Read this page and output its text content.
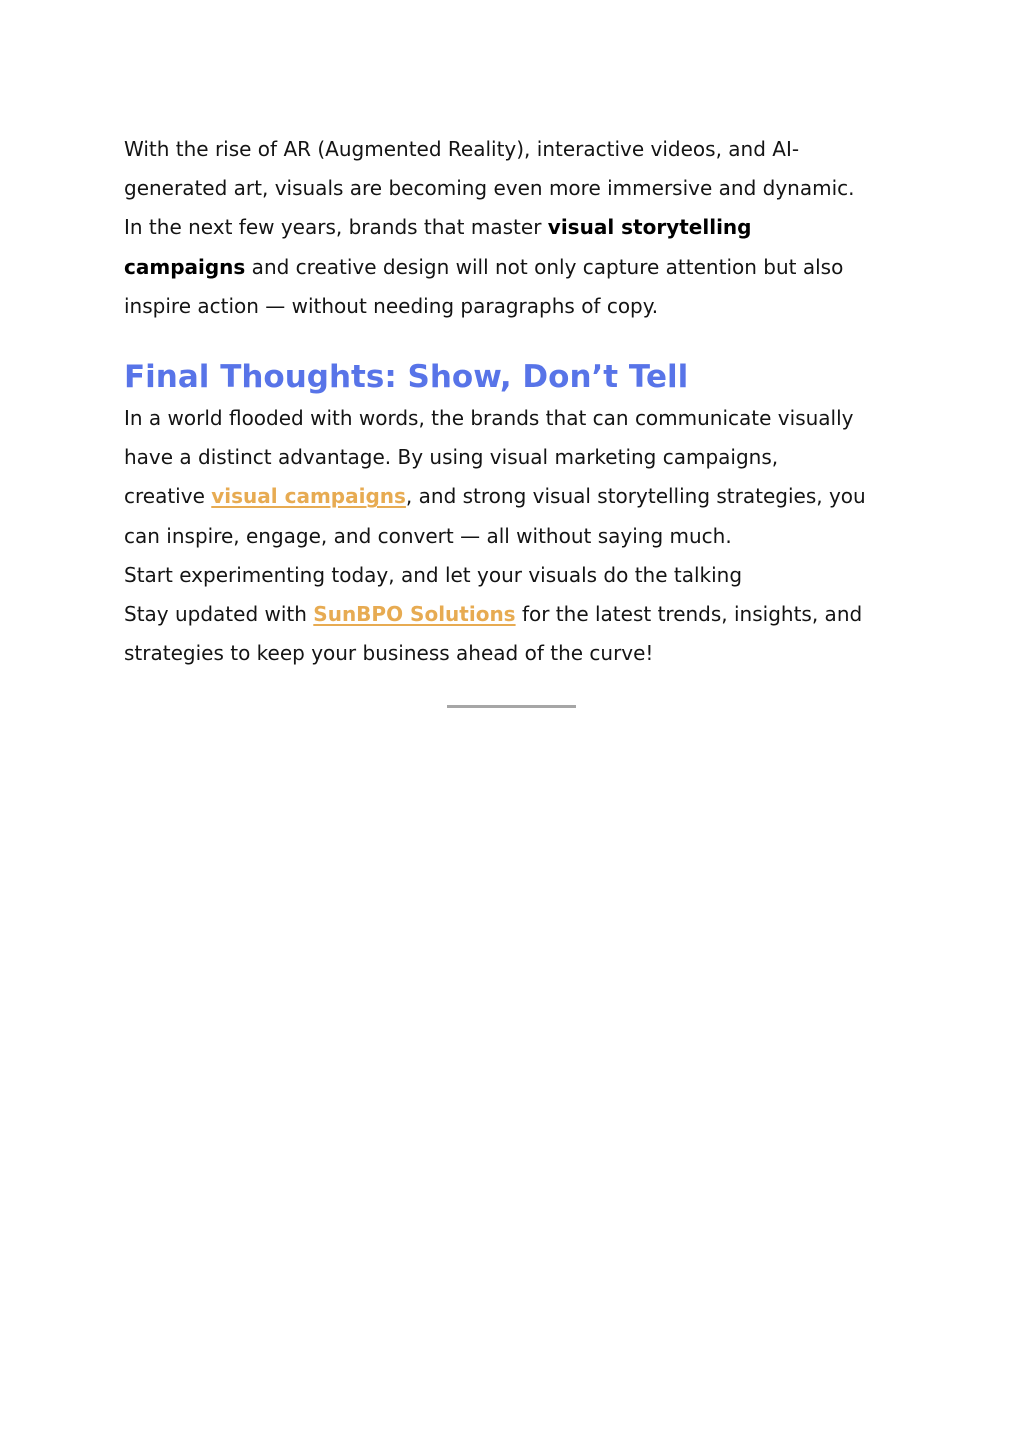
With the rise of AR (Augmented Reality), interactive videos, and AI-
generated art, visuals are becoming even more immersive and dynamic.
In the next few years, brands that master visual storytelling
campaigns and creative design will not only capture attention but also
inspire action — without needing paragraphs of copy.

Final Thoughts: Show, Don’t Tell

In a world flooded with words, the brands that can communicate visually
have a distinct advantage. By using visual marketing campaigns,
creative visual campaigns, and strong visual storytelling strategies, you
can inspire, engage, and convert — all without saying much.
Start experimenting today, and let your visuals do the talking
Stay updated with SunBPO Solutions for the latest trends, insights, and
strategies to keep your business ahead of the curve!
